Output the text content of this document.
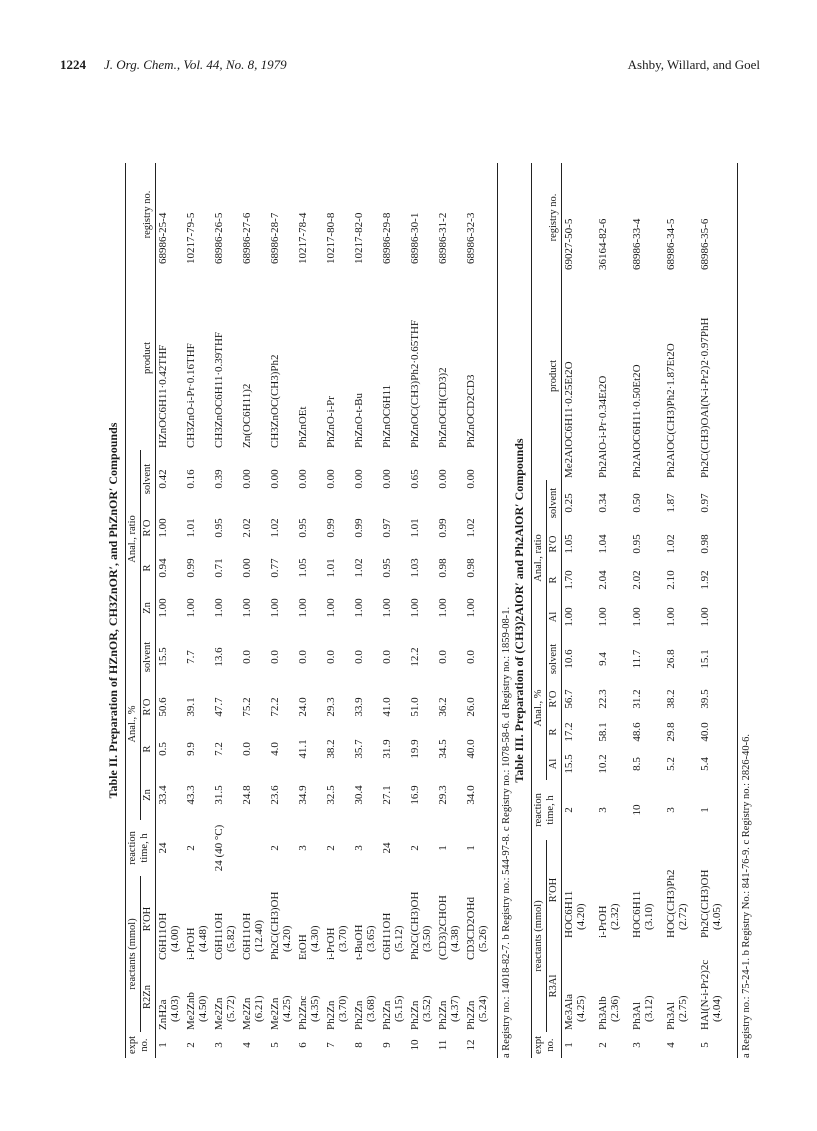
1224 J. Org. Chem., Vol. 44, No. 8, 1979	Ashby, Willard, and Goel
Table II. Preparation of HZnOR, CH3ZnOR′, and PhZnOR′ Compounds
expt no.
reactants (mmol)
R2Zn
R′OH
reaction time, h
Anal., %
Zn
R
R′O
solvent
Anal., ratio
Zn
R
R′O
solvent
product
registry no.
1
ZnH2a (4.03)
C6H11OH (4.00)
24
33.4
0.5
50.6
15.5
1.00
0.94
1.00
0.42
HZnOC6H11·0.42THF
68986-25-4
2
Me2Znb (4.50)
i-PrOH (4.48)
2
43.3
9.9
39.1
7.7
1.00
0.99
1.01
0.16
CH3ZnO-i-Pr·0.16THF
10217-79-5
3
Me2Zn (5.72)
C6H11OH (5.82)
24 (40 °C)
31.5
7.2
47.7
13.6
1.00
0.71
0.95
0.39
CH3ZnOC6H11·0.39THF
68986-26-5
4
Me2Zn (6.21)
C6H11OH (12.40)
24.8
0.0
75.2
0.0
1.00
0.00
2.02
0.00
Zn(OC6H11)2
68986-27-6
5
Me2Zn (4.25)
Ph2C(CH3)OH (4.20)
2
23.6
4.0
72.2
0.0
1.00
0.77
1.02
0.00
CH3ZnOC(CH3)Ph2
68986-28-7
6
Ph2Znc (4.35)
EtOH (4.30)
3
34.9
41.1
24.0
0.0
1.00
1.05
0.95
0.00
PhZnOEt
10217-78-4
7
Ph2Zn (3.70)
i-PrOH (3.70)
2
32.5
38.2
29.3
0.0
1.00
1.01
0.99
0.00
PhZnO-i-Pr
10217-80-8
8
Ph2Zn (3.68)
t-BuOH (3.65)
3
30.4
35.7
33.9
0.0
1.00
1.02
0.99
0.00
PhZnO-t-Bu
10217-82-0
9
Ph2Zn (5.15)
C6H11OH (5.12)
24
27.1
31.9
41.0
0.0
1.00
0.95
0.97
0.00
PhZnOC6H11
68986-29-8
10
Ph2Zn (3.52)
Ph2C(CH3)OH (3.50)
2
16.9
19.9
51.0
12.2
1.00
1.03
1.01
0.65
PhZnOC(CH3)Ph2·0.65THF
68986-30-1
11
Ph2Zn (4.37)
(CD3)2CHOH (4.38)
1
29.3
34.5
36.2
0.0
1.00
0.98
0.99
0.00
PhZnOCH(CD3)2
68986-31-2
12
Ph2Zn (5.24)
CD3CD2OHd (5.26)
1
34.0
40.0
26.0
0.0
1.00
0.98
1.02
0.00
PhZnOCD2CD3
68986-32-3
a Registry no.: 14018-82-7. b Registry no.: 544-97-8. c Registry no.: 1078-58-6. d Registry no.: 1859-08-1. Table III. Preparation of (CH3)2AlOR′ and Ph2AlOR′ Compounds
expt no.
reactants (mmol)
R3Al
R′OH
reaction time, h
Anal., %
Al
R
R′O
solvent
Anal., ratio
Al
R
R′O
solvent
product
registry no.
1
Me3Ala (4.25)
HOC6H11 (4.20)
2
15.5
17.2
56.7
10.6
1.00
1.70
1.05
0.25
Me2AlOC6H11·0.25Et2O
69027-50-5
2
Ph3Alb (2.36)
i-PrOH (2.32)
3
10.2
58.1
22.3
9.4
1.00
2.04
1.04
0.34
Ph2AlO-i-Pr·0.34Et2O
36164-82-6
3
Ph3Al (3.12)
HOC6H11 (3.10)
10
8.5
48.6
31.2
11.7
1.00
2.02
0.95
0.50
Ph2AlOC6H11·0.50Et2O
68986-33-4
4
Ph3Al (2.75)
HOC(CH3)Ph2 (2.72)
3
5.2
29.8
38.2
26.8
1.00
2.10
1.02
1.87
Ph2AlOC(CH3)Ph2·1.87Et2O
68986-34-5
5
HAl(N-i-Pr2)2c (4.04)
Ph2C(CH3)OH (4.05)
1
5.4
40.0
39.5
15.1
1.00
1.92
0.98
0.97
Ph2C(CH3)OAl(N-i-Pr2)2·0.97PhH
68986-35-6
a Registry no.: 75-24-1. b Registry No.: 841-76-9. c Registry no.: 2826-40-6.
